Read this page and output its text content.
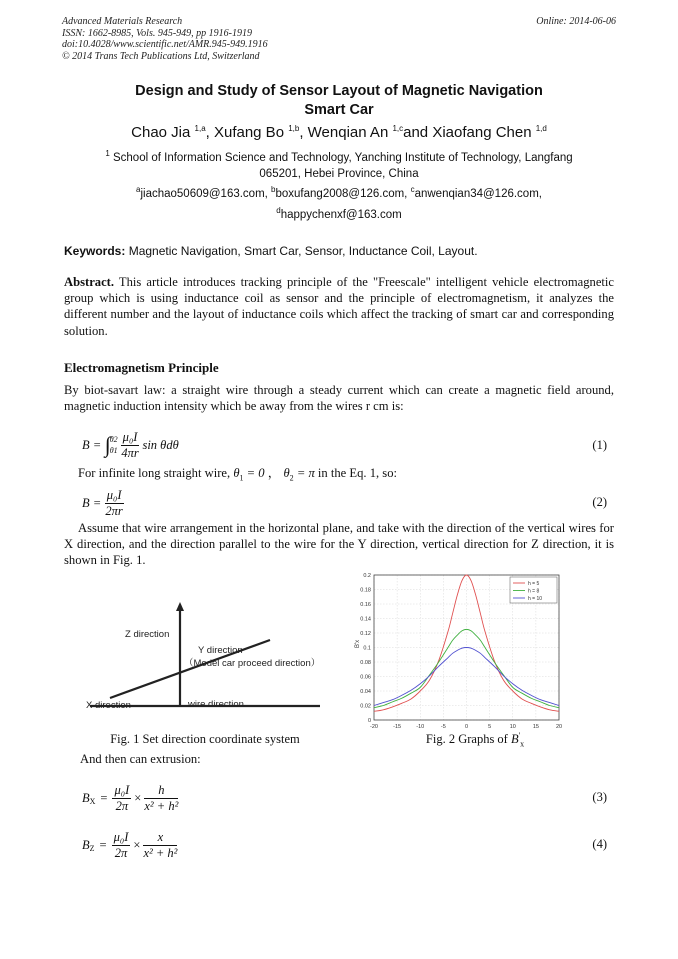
Advanced Materials Research
ISSN: 1662-8985, Vols. 945-949, pp 1916-1919
doi:10.4028/www.scientific.net/AMR.945-949.1916
© 2014 Trans Tech Publications Ltd, Switzerland
Online: 2014-06-06
Design and Study of Sensor Layout of Magnetic Navigation
Smart Car
Chao Jia $^{1,a}$, Xufang Bo $^{1,b}$, Wenqian An $^{1,c}$and Xiaofang Chen $^{1,d}$
$^1$ School of Information Science and Technology, Yanching Institute of Technology, Langfang
065201, Hebei Province, China
$^a$jiachao50609@163.com, $^b$boxufang2008@126.com, $^c$anwenqian34@126.com,
$^d$happychenxf@163.com
Keywords: Magnetic Navigation, Smart Car, Sensor, Inductance Coil, Layout.
Abstract. This article introduces tracking principle of the "Freescale" intelligent vehicle electromagnetic group which is using inductance coil as sensor and the principle of electromagnetism, it analyzes the different number and the layout of inductance coils which affect the tracking of smart car and corresponding solution.
Electromagnetism Principle
By biot-savart law: a straight wire through a steady current which can create a magnetic field around, magnetic induction intensity which be away from the wires r cm is:
B = ∫ θ2
$\theta 1 \frac{\text{μ₀I}}{4\pi r}$ sin θdθ	(1)
For infinite long straight wire, $\theta_1 = 0$ ， $\theta_2 = \pi$ in the Eq. 1, so:
$B = \frac{\text{μ₀I}}{2\pi r}$	(2)
Assume that wire arrangement in the horizontal plane, and take with the direction of the vertical wires for X direction, and the direction parallel to the wire for the Y direction, vertical direction for Z direction, it is shown in Fig. 1.
Z direction
Y direction
（Model car proceed direction）
X direction	wire direction
Fig. 1 Set direction coordinate system
-20	-15	-10	-5	0	5	10	15	20
0
0.02
0.04
0.06
0.08
0.1
0.12
0.14
0.16
0.18
0.2
h = 5
h = 8
h = 10
B'x
Fig. 2 Graphs of $B'_x$
And then can extrusion:
$B_X = \frac{\text{μ₀I}}{2\pi} \times \frac{h}{\text{x² + h²}}$	(3)
$B_Z = \frac{\text{μ₀I}}{2\pi} \times \frac{x}{\text{x² + h²}}$	(4)
